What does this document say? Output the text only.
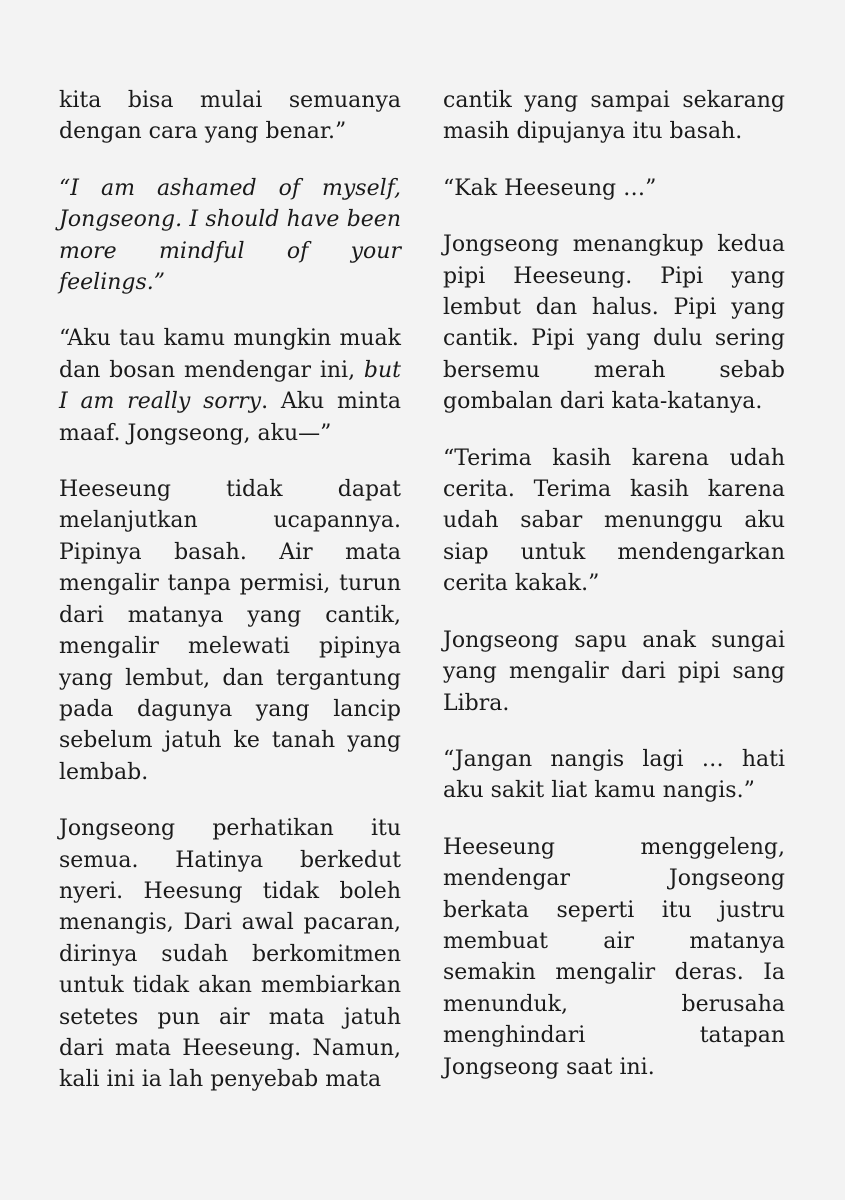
kita bisa mulai semuanya dengan cara yang benar.”

“I am ashamed of myself, Jongseong. I should have been more mindful of your feelings.”

“Aku tau kamu mungkin muak dan bosan mendengar ini, but I am really sorry. Aku minta maaf. Jongseong, aku—”

Heeseung tidak dapat melanjutkan ucapannya. Pipinya basah. Air mata mengalir tanpa permisi, turun dari matanya yang cantik, mengalir melewati pipinya yang lembut, dan tergantung pada dagunya yang lancip sebelum jatuh ke tanah yang lembab.

Jongseong perhatikan itu semua. Hatinya berkedut nyeri. Heesung tidak boleh menangis, Dari awal pacaran, dirinya sudah berkomitmen untuk tidak akan membiarkan setetes pun air mata jatuh dari mata Heeseung. Namun, kali ini ia lah penyebab mata

cantik yang sampai sekarang masih dipujanya itu basah.

“Kak Heeseung …”

Jongseong menangkup kedua pipi Heeseung. Pipi yang lembut dan halus. Pipi yang cantik. Pipi yang dulu sering bersemu merah sebab gombalan dari kata-katanya.

“Terima kasih karena udah cerita. Terima kasih karena udah sabar menunggu aku siap untuk mendengarkan cerita kakak.”

Jongseong sapu anak sungai yang mengalir dari pipi sang Libra.

“Jangan nangis lagi … hati aku sakit liat kamu nangis.”

Heeseung menggeleng, mendengar Jongseong berkata seperti itu justru membuat air matanya semakin mengalir deras. Ia menunduk, berusaha menghindari tatapan Jongseong saat ini.
